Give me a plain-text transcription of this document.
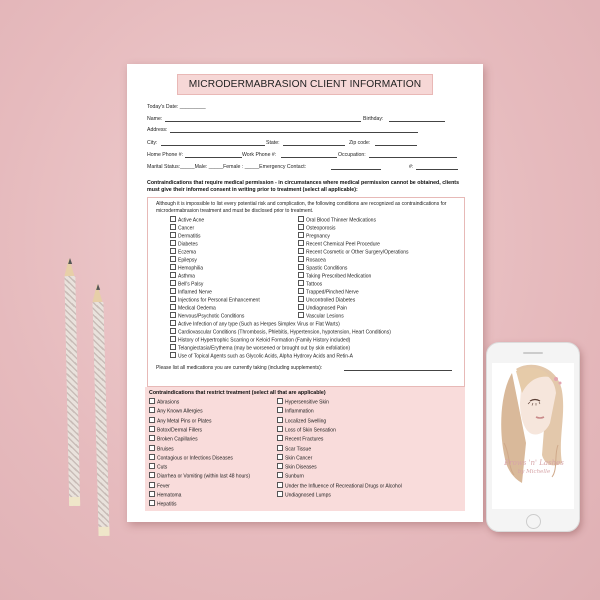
MICRODERMABRASION CLIENT INFORMATION
Today's Date: _________
Name:	Birthday:
Address:
City:	State:	Zip code:
Home Phone #:	Work Phone #:	Occupation:
Marital Status:_____Male: _____Female : _____Emergency Contact:	#:
Contraindications that require medical permission - in circumstances where medical permission cannot be obtained, clients must give their informed consent in writing prior to treatment (select all applicable):
Although it is impossible to list every potential risk and complication, the following conditions are recognized as contraindications for microdermabrasion treatment and must be disclosed prior to treatment.
Active Acne
Cancer
Dermatitis
Diabetes
Eczema
Epilepsy
Hemophilia
Asthma
Bell's Palsy
Inflamed Nerve
Injections for Personal Enhancement
Medical Oedema
Nervous/Psychotic Conditions
Oral Blood Thinner Medications
Osteoporosis
Pregnancy
Recent Chemical Peel Procedure
Recent Cosmetic or Other Surgery/Operations
Rosacea
Spastic Conditions
Taking Prescribed Medication
Tattoos
Trapped/Pinched Nerve
Uncontrolled Diabetes
Undiagnosed Pain
Vascular Lesions
Active Infection of any type (Such as Herpes Simplex Virus or Flat Warts)
Cardiovascular Conditions (Thrombosis, Phlebitis, Hypertension, hypotension, Heart Conditions)
History of Hypertrophic Scarring or Keloid Formation (Family History included)
Telangiectasia/Erythema (may be worsened or brought out by skin exfoliation)
Use of Topical Agents such as Glycolic Acids, Alpha Hydroxy Acids and Retin-A
Please list all medications you are currently taking (including supplements):
Contraindications that restrict treatment (select all that are applicable)
Abrasions
Any Known Allergies
Any Metal Pins or Plates
Botox/Dermal Fillers
Broken Capillaries
Bruises
Contagious or Infections Diseases
Cuts
Diarrhea or Vomiting (within last 48 hours)
Fever
Hematoma
Hepatitis
Hypersensitive Skin
Inflammation
Localized Swelling
Loss of Skin Sensation
Recent Fractures
Scar Tissue
Skin Cancer
Skin Diseases
Sunburn
Under the Influence of Recreational Drugs or Alcohol
Undiagnosed Lumps
Brows 'n' Lashes
by Michelle
